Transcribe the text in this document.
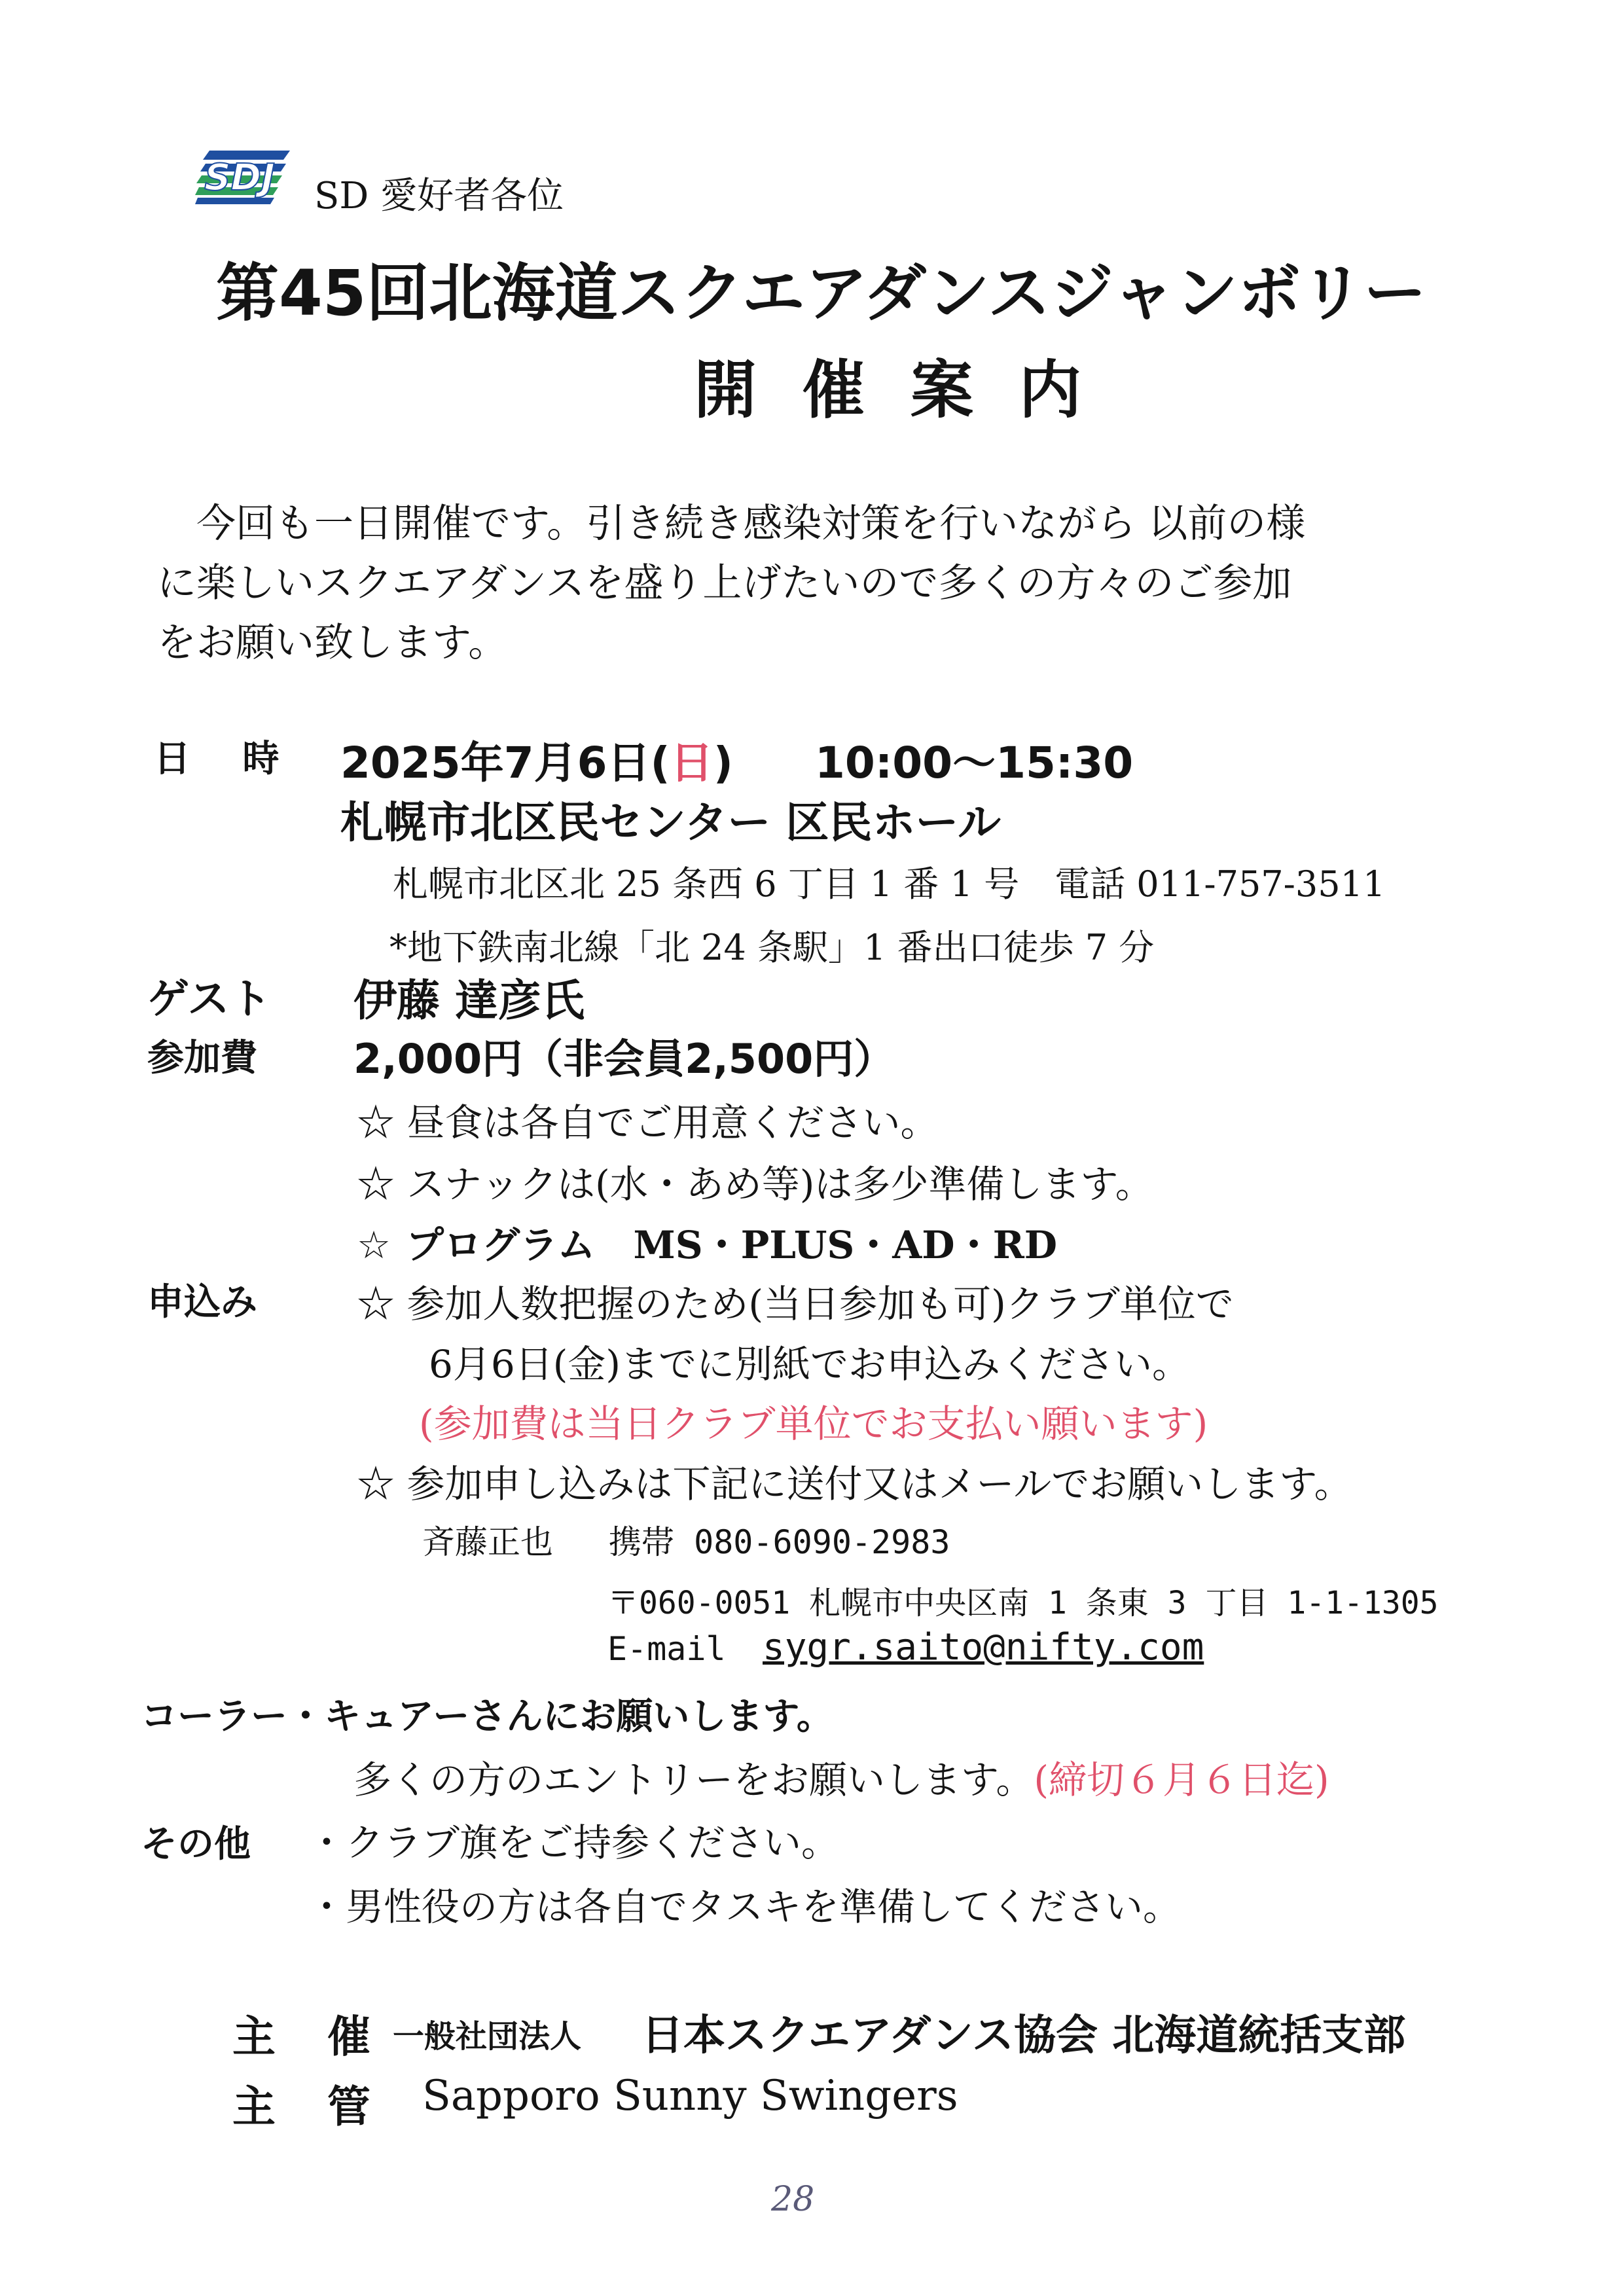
SDJ SD 愛好者各位
第45回北海道スクエアダンスジャンボリー
開 催 案 内
今回も一日開催です。引き続き感染対策を行いながら 以前の様
に楽しいスクエアダンスを盛り上げたいので多くの方々のご参加
をお願い致します。
日 時 2025年7月6日(日) 10:00～15:30
札幌市北区民センター 区民ホール
札幌市北区北 25 条西 6 丁目 1 番 1 号　電話 011-757-3511
*地下鉄南北線「北 24 条駅」1 番出口徒歩 7 分
ゲスト 伊藤 達彦氏
参加費 2,000円（非会員2,500円）
☆ 昼食は各自でご用意ください。
☆ スナックは(水・あめ等)は多少準備します。
☆ プログラム　MS・PLUS・AD・RD
申込み	☆ 参加人数把握のため(当日参加も可)クラブ単位で
6月6日(金)までに別紙でお申込みください。
(参加費は当日クラブ単位でお支払い願います)
☆ 参加申し込みは下記に送付又はメールでお願いします。
斉藤正也 携帯 080-6090-2983
〒060-0051 札幌市中央区南 1 条東 3 丁目 1-1-1305
E-mail sygr.saito@nifty.com
コーラー・キュアーさんにお願いします。
多くの方のエントリーをお願いします。(締切６月６日迄)
その他 ・クラブ旗をご持参ください。
・男性役の方は各自でタスキを準備してください。
主 催 一般社団法人 日本スクエアダンス協会 北海道統括支部
主 管 Sapporo Sunny Swingers
28
